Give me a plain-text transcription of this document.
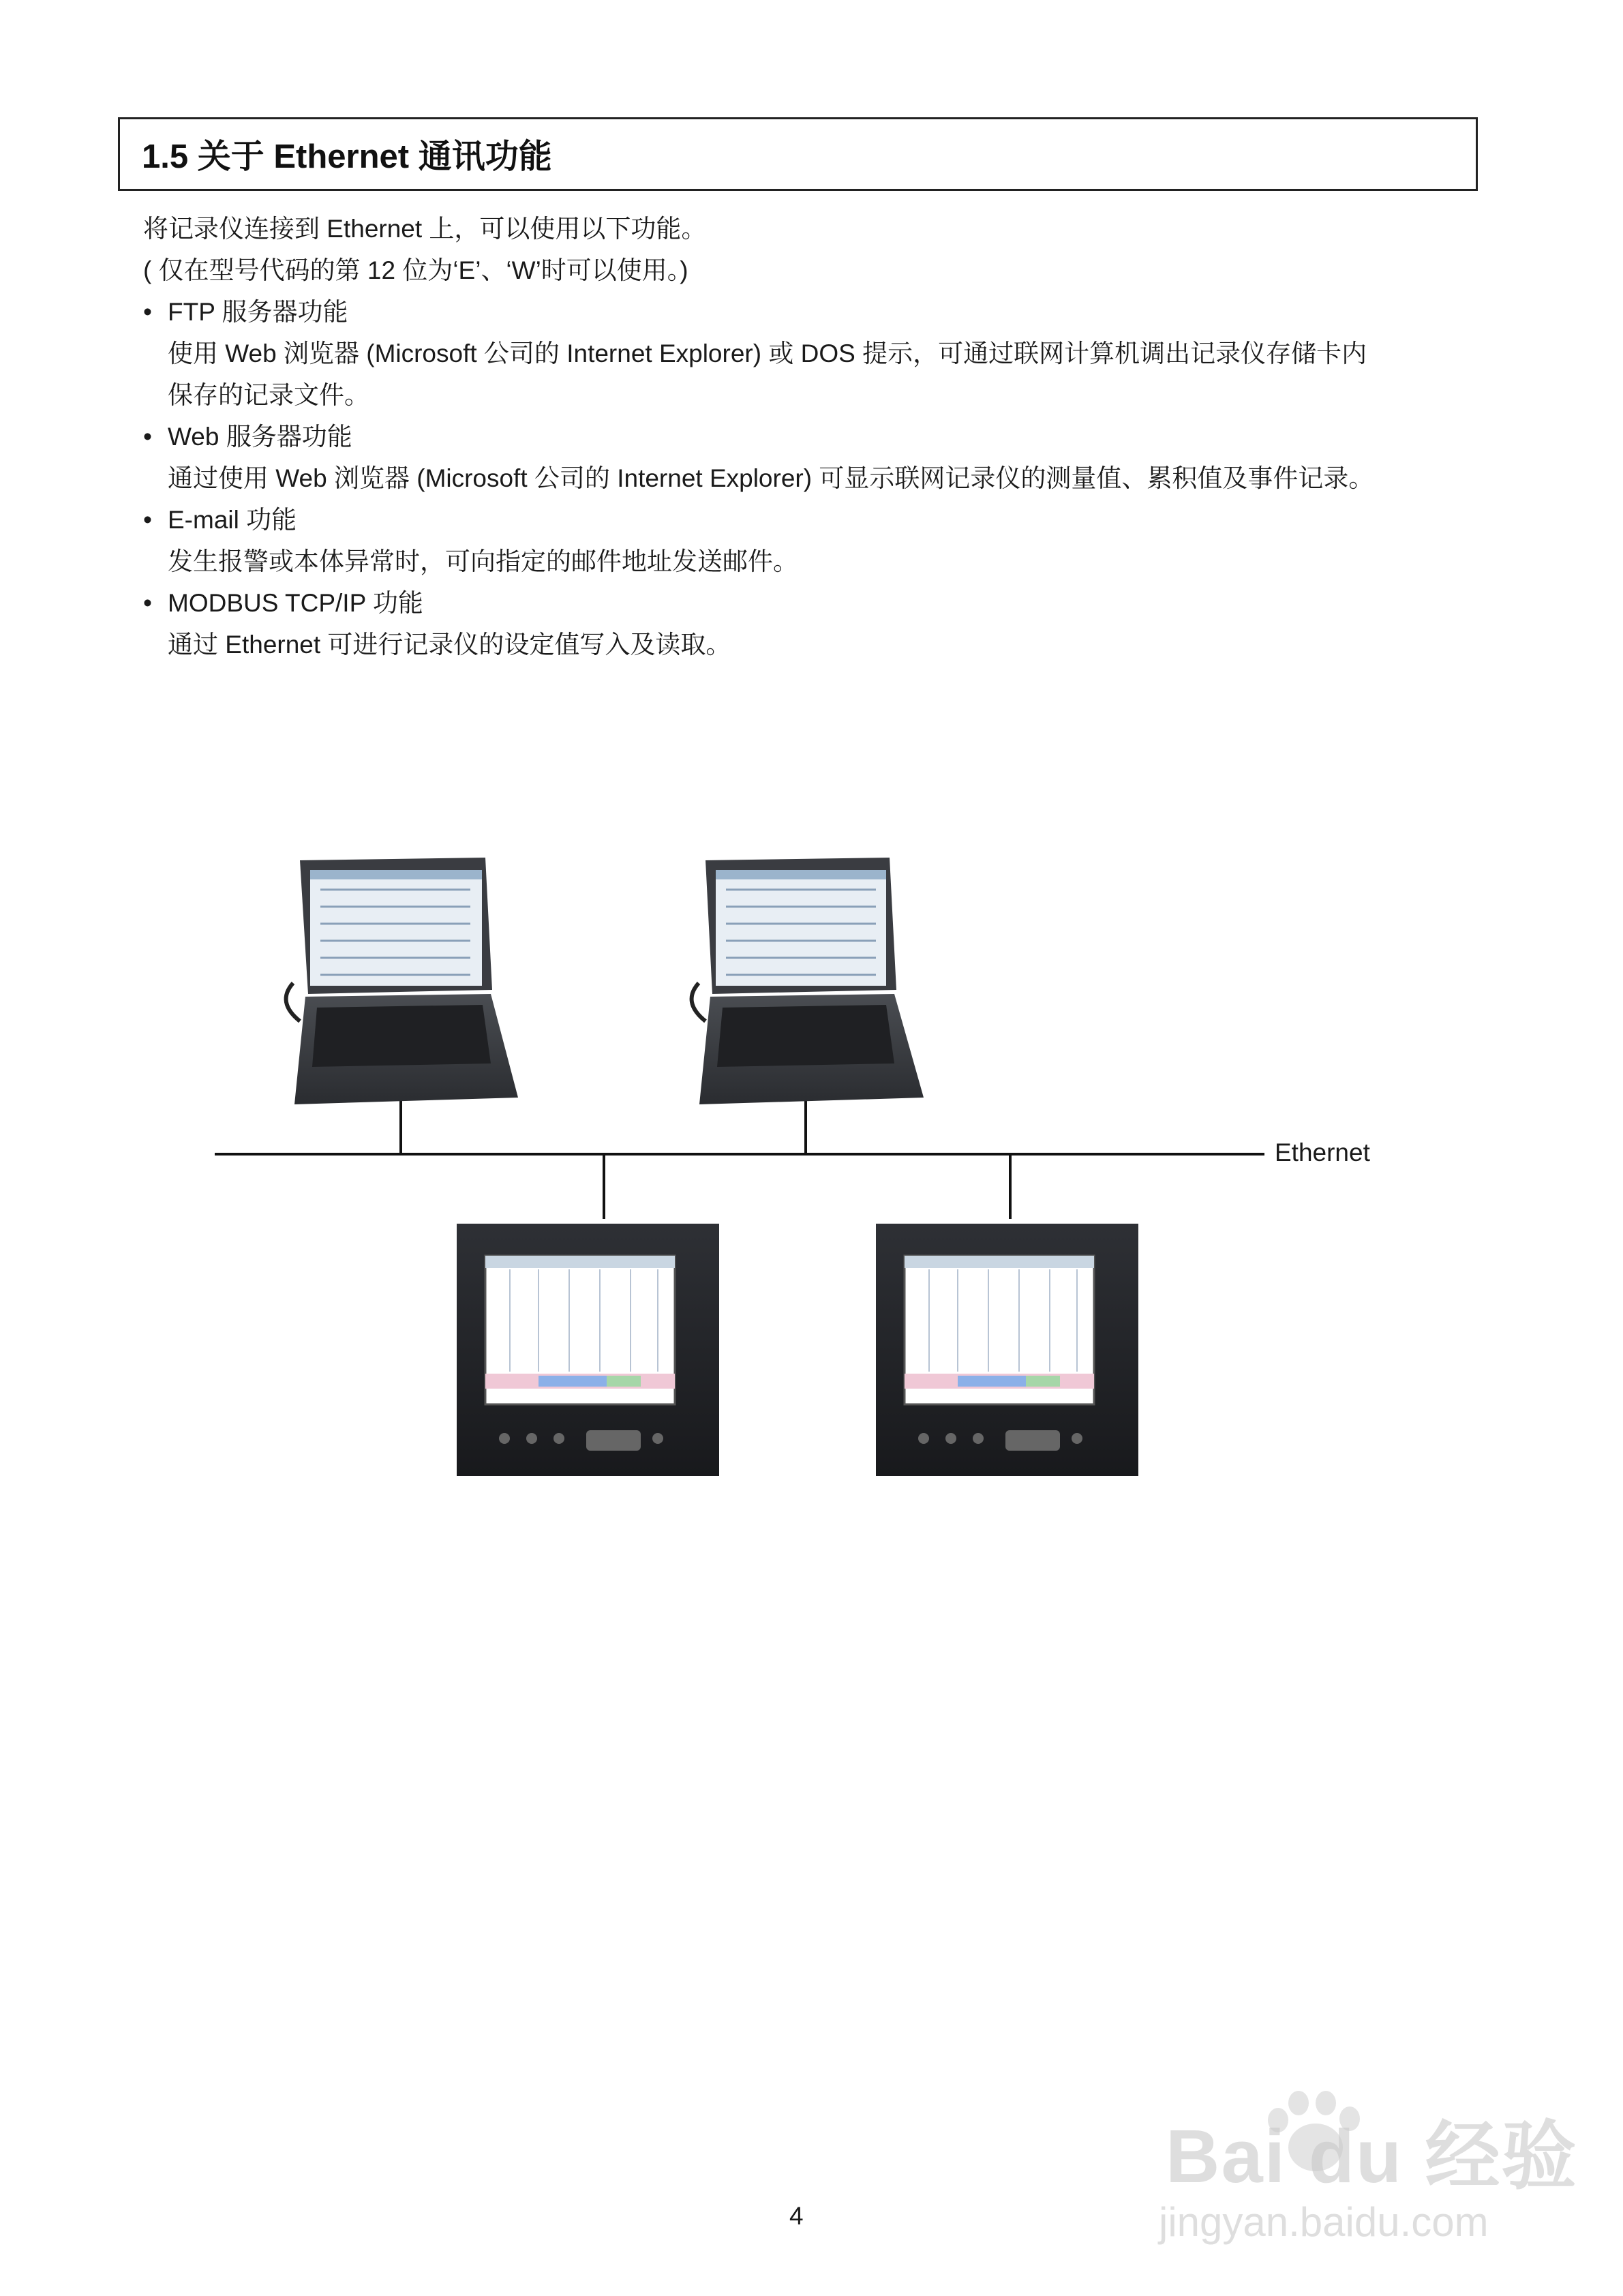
1.5 关于 Ethernet 通讯功能
将记录仪连接到 Ethernet 上，可以使用以下功能。
( 仅在型号代码的第 12 位为‘E’、‘W’时可以使用。)
• FTP 服务器功能
使用 Web 浏览器 (Microsoft 公司的 Internet Explorer) 或 DOS 提示，可通过联网计算机调出记录仪存储卡内
保存的记录文件。
• Web 服务器功能
通过使用 Web 浏览器 (Microsoft 公司的 Internet Explorer) 可显示联网记录仪的测量值、累积值及事件记录。
• E-mail 功能
发生报警或本体异常时，可向指定的邮件地址发送邮件。
• MODBUS TCP/IP 功能
通过 Ethernet 可进行记录仪的设定值写入及读取。
Ethernet
4
Bai du 经验
jingyan.baidu.com
